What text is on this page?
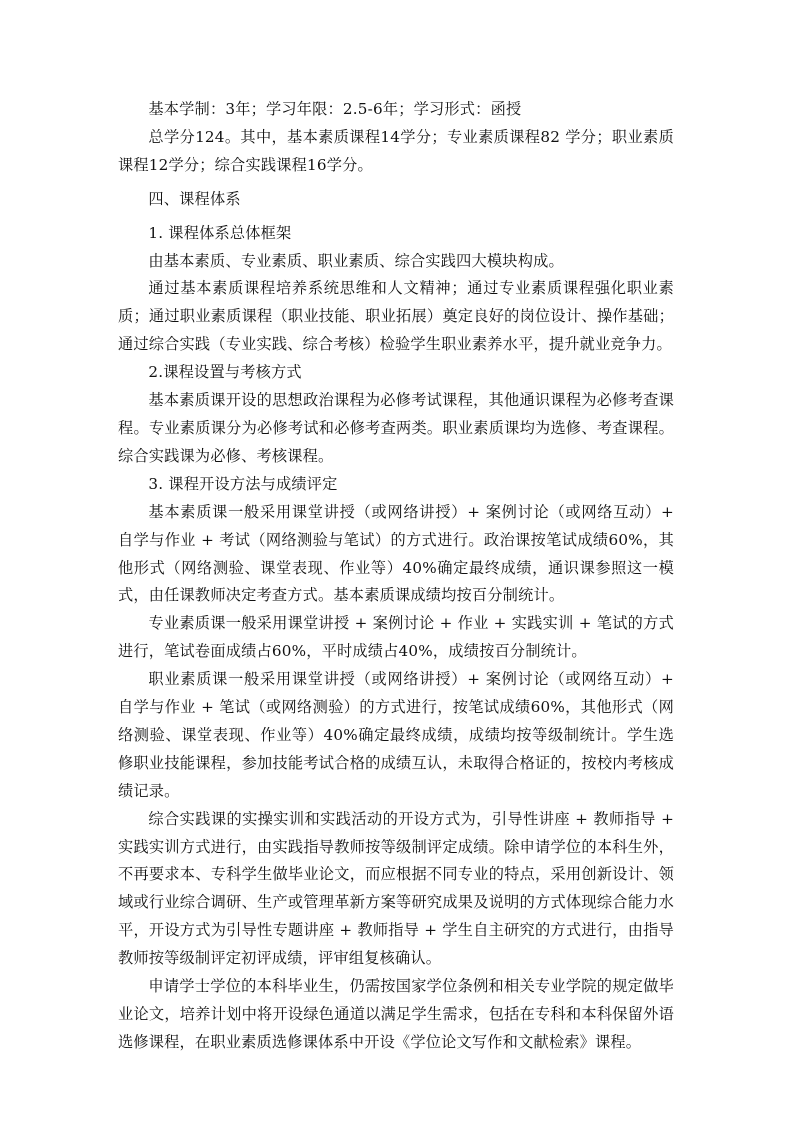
基本学制：3年；学习年限：2.5-6年；学习形式：函授

总学分124。其中，基本素质课程14学分；专业素质课程82 学分；职业素质课程12学分；综合实践课程16学分。

四、课程体系
1. 课程体系总体框架

由基本素质、专业素质、职业素质、综合实践四大模块构成。

通过基本素质课程培养系统思维和人文精神；通过专业素质课程强化职业素质；通过职业素质课程（职业技能、职业拓展）奠定良好的岗位设计、操作基础；通过综合实践（专业实践、综合考核）检验学生职业素养水平，提升就业竞争力。

2.课程设置与考核方式

基本素质课开设的思想政治课程为必修考试课程，其他通识课程为必修考查课程。专业素质课分为必修考试和必修考查两类。职业素质课均为选修、考查课程。综合实践课为必修、考核课程。

3. 课程开设方法与成绩评定

基本素质课一般采用课堂讲授（或网络讲授）+ 案例讨论（或网络互动）+ 自学与作业 + 考试（网络测验与笔试）的方式进行。政治课按笔试成绩60%，其他形式（网络测验、课堂表现、作业等）40%确定最终成绩，通识课参照这一模式，由任课教师决定考查方式。基本素质课成绩均按百分制统计。

专业素质课一般采用课堂讲授 + 案例讨论 + 作业 + 实践实训 + 笔试的方式进行，笔试卷面成绩占60%，平时成绩占40%，成绩按百分制统计。

职业素质课一般采用课堂讲授（或网络讲授）+ 案例讨论（或网络互动）+ 自学与作业 + 笔试（或网络测验）的方式进行，按笔试成绩60%，其他形式（网络测验、课堂表现、作业等）40%确定最终成绩，成绩均按等级制统计。学生选修职业技能课程，参加技能考试合格的成绩互认，未取得合格证的，按校内考核成绩记录。

综合实践课的实操实训和实践活动的开设方式为，引导性讲座 + 教师指导 + 实践实训方式进行，由实践指导教师按等级制评定成绩。除申请学位的本科生外，不再要求本、专科学生做毕业论文，而应根据不同专业的特点，采用创新设计、领域或行业综合调研、生产或管理革新方案等研究成果及说明的方式体现综合能力水平，开设方式为引导性专题讲座 + 教师指导 + 学生自主研究的方式进行，由指导教师按等级制评定初评成绩，评审组复核确认。

申请学士学位的本科毕业生，仍需按国家学位条例和相关专业学院的规定做毕业论文，培养计划中将开设绿色通道以满足学生需求，包括在专科和本科保留外语选修课程，在职业素质选修课体系中开设《学位论文写作和文献检索》课程。
